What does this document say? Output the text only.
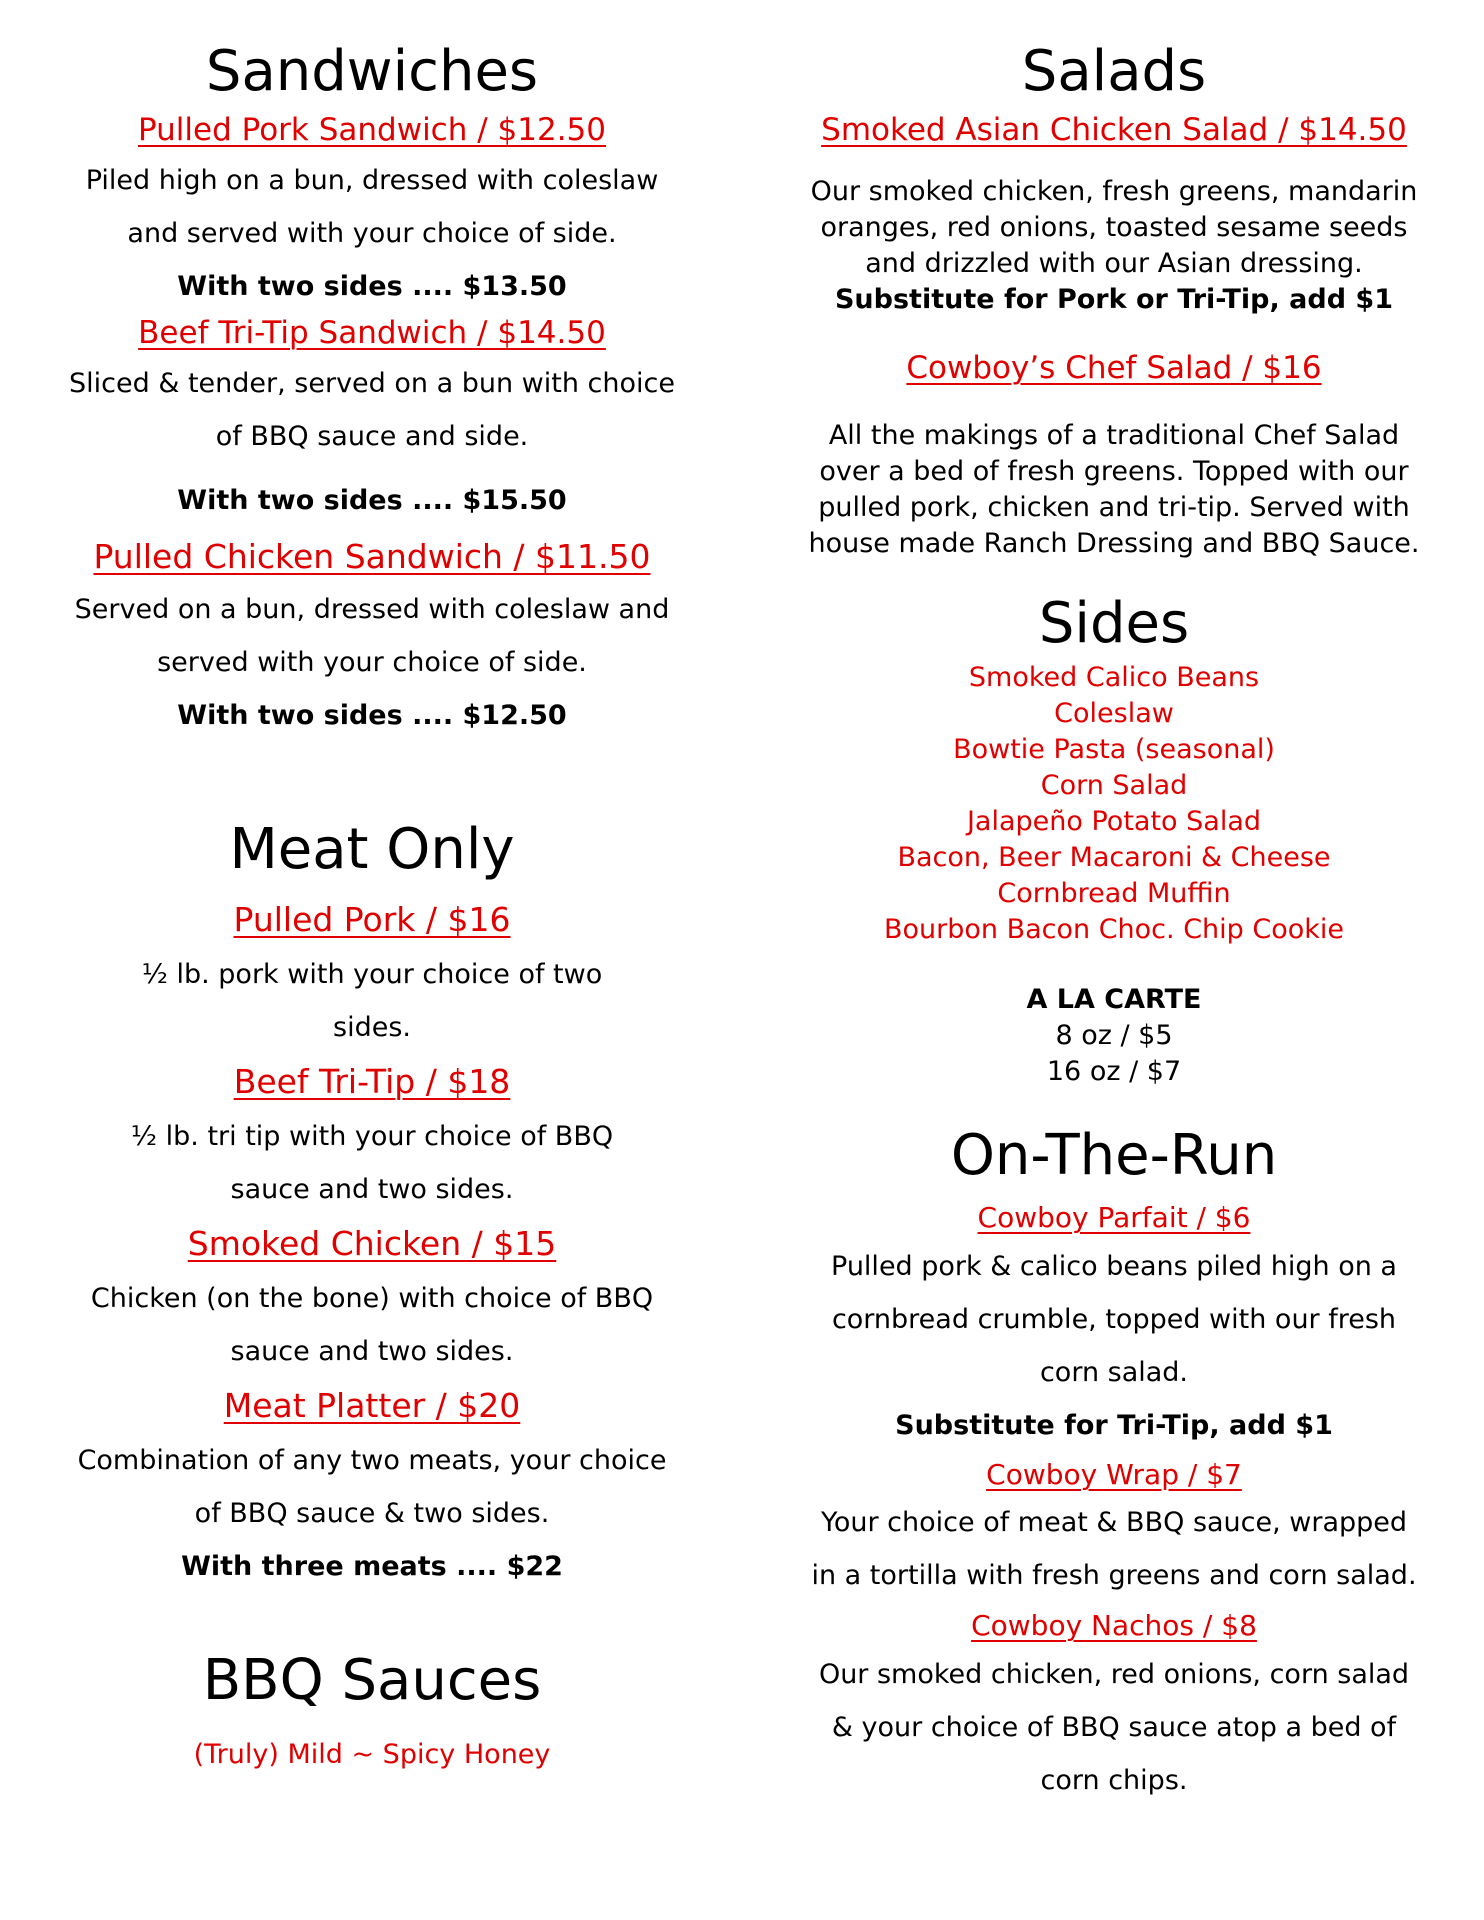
Sandwiches

Pulled Pork Sandwich / $12.50

Piled high on a bun, dressed with coleslaw

and served with your choice of side.

With two sides .... $13.50

Beef Tri-Tip Sandwich / $14.50

Sliced & tender, served on a bun with choice

of BBQ sauce and side.

With two sides .... $15.50

Pulled Chicken Sandwich / $11.50

Served on a bun, dressed with coleslaw and

served with your choice of side.

With two sides .... $12.50

Meat Only

Pulled Pork / $16

½ lb. pork with your choice of two

sides.

Beef Tri-Tip / $18

½ lb. tri tip with your choice of BBQ

sauce and two sides.

Smoked Chicken / $15

Chicken (on the bone) with choice of BBQ

sauce and two sides.

Meat Platter / $20

Combination of any two meats, your choice

of BBQ sauce & two sides.

With three meats .... $22

BBQ Sauces

(Truly) Mild ~ Spicy Honey

Salads

Smoked Asian Chicken Salad / $14.50

Our smoked chicken, fresh greens, mandarin

oranges, red onions, toasted sesame seeds

and drizzled with our Asian dressing.

Substitute for Pork or Tri-Tip, add $1

Cowboy’s Chef Salad / $16

All the makings of a traditional Chef Salad

over a bed of fresh greens. Topped with our

pulled pork, chicken and tri-tip. Served with

house made Ranch Dressing and BBQ Sauce.

Sides

Smoked Calico Beans

Coleslaw

Bowtie Pasta (seasonal)

Corn Salad

Jalapeño Potato Salad

Bacon, Beer Macaroni & Cheese

Cornbread Muffin

Bourbon Bacon Choc. Chip Cookie

A LA CARTE

8 oz / $5

16 oz / $7

On-The-Run

Cowboy Parfait / $6

Pulled pork & calico beans piled high on a

cornbread crumble, topped with our fresh

corn salad.

Substitute for Tri-Tip, add $1

Cowboy Wrap / $7

Your choice of meat & BBQ sauce, wrapped

in a tortilla with fresh greens and corn salad.

Cowboy Nachos / $8

Our smoked chicken, red onions, corn salad

& your choice of BBQ sauce atop a bed of

corn chips.
